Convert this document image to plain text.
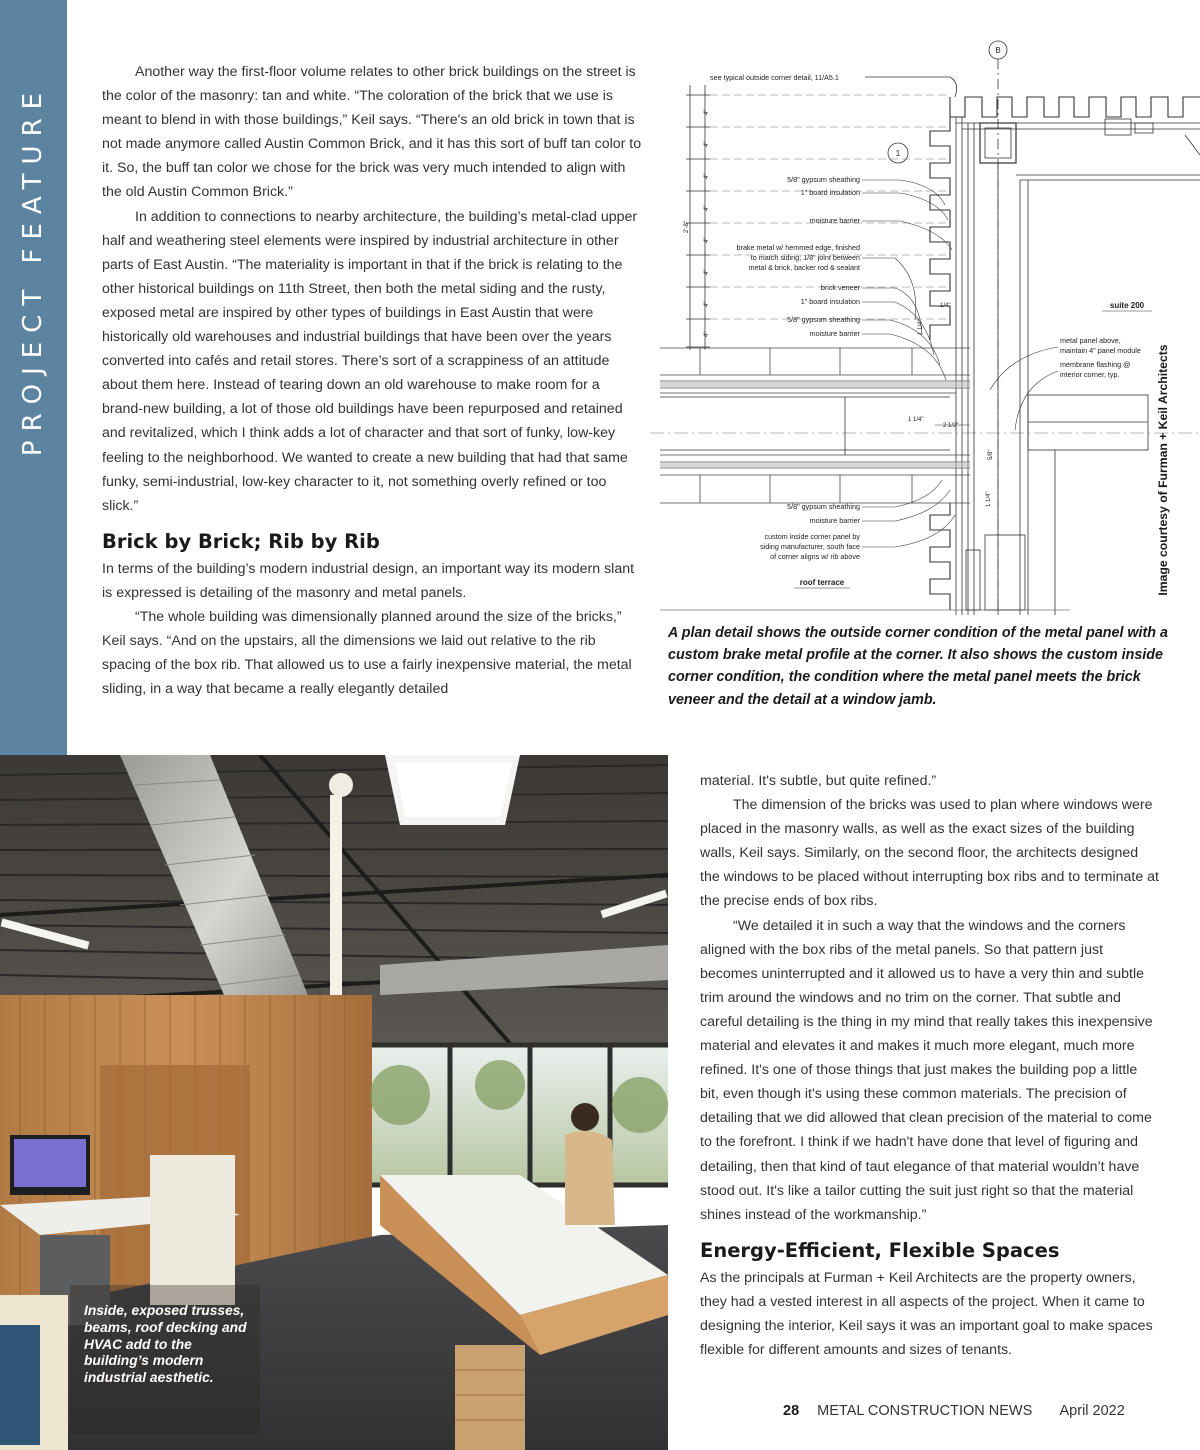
PROJECT FEATURE

Another way the first-floor volume relates to other brick buildings on the street is the color of the masonry: tan and white. “The coloration of the brick that we use is meant to blend in with those buildings,” Keil says. “There's an old brick in town that is not made anymore called Austin Common Brick, and it has this sort of buff tan color to it. So, the buff tan color we chose for the brick was very much intended to align with the old Austin Common Brick.”

In addition to connections to nearby architecture, the building’s metal-clad upper half and weathering steel elements were inspired by industrial architecture in other parts of East Austin. “The materiality is important in that if the brick is relating to the other historical buildings on 11th Street, then both the metal siding and the rusty, exposed metal are inspired by other types of buildings in East Austin that were historically old warehouses and industrial buildings that have been over the years converted into cafés and retail stores. There’s sort of a scrappiness of an attitude about them here. Instead of tearing down an old warehouse to make room for a brand-new building, a lot of those old buildings have been repurposed and retained and revitalized, which I think adds a lot of character and that sort of funky, low-key feeling to the neighborhood. We wanted to create a new building that had that same funky, semi-industrial, low-key character to it, not something overly refined or too slick.”

Brick by Brick; Rib by Rib

In terms of the building’s modern industrial design, an important way its modern slant is expressed is detailing of the masonry and metal panels.

“The whole building was dimensionally planned around the size of the bricks,” Keil says. “And on the upstairs, all the dimensions we laid out relative to the rib spacing of the box rib. That allowed us to use a fairly inexpensive material, the metal sliding, in a way that became a really elegantly detailed

B
1
see typical outside corner detail, 11/A5.1
4"
4"
4"
4"
4"
4"
4"
4"
2'-8"
5/8" gypsum sheathing
1" board insulation
moisture barrier
brake metal w/ hemmed edge, finished
to match siding; 1/8" joint between
metal & brick, backer rod & sealant
brick veneer
1" board insulation
5/8" gypsum sheathing
moisture barrier
5/8" gypsum sheathing
moisture barrier
custom inside corner panel by
siding manufacturer, south face
of corner aligns w/ rib above
roof terrace
suite 200
metal panel above,
maintain 4" panel module
membrane flashing @
interior corner, typ.
1/4"
1 1/4"
1 1/4"
2 1/2"
5/8"
1 1/4"	Image courtesy of Furman + Keil Architects
A plan detail shows the outside corner condition of the metal panel with a custom brake metal profile at the corner. It also shows the custom inside corner condition, the condition where the metal panel meets the brick veneer and the detail at a window jamb.
Inside, exposed trusses, beams, roof decking and HVAC add to the building’s modern industrial aesthetic.

material. It's subtle, but quite refined.”

The dimension of the bricks was used to plan where windows were placed in the masonry walls, as well as the exact sizes of the building walls, Keil says. Similarly, on the second floor, the architects designed the windows to be placed without interrupting box ribs and to terminate at the precise ends of box ribs.

“We detailed it in such a way that the windows and the corners aligned with the box ribs of the metal panels. So that pattern just becomes uninterrupted and it allowed us to have a very thin and subtle trim around the windows and no trim on the corner. That subtle and careful detailing is the thing in my mind that really takes this inexpensive material and elevates it and makes it much more elegant, much more refined. It's one of those things that just makes the building pop a little bit, even though it's using these common materials. The precision of detailing that we did allowed that clean precision of the material to come to the forefront. I think if we hadn't have done that level of figuring and detailing, then that kind of taut elegance of that material wouldn’t have stood out. It's like a tailor cutting the suit just right so that the material shines instead of the workmanship.”

Energy-Efficient, Flexible Spaces

As the principals at Furman + Keil Architects are the property owners, they had a vested interest in all aspects of the project. When it came to designing the interior, Keil says it was an important goal to make spaces flexible for different amounts and sizes of tenants.

28 METAL CONSTRUCTION NEWS April 2022
